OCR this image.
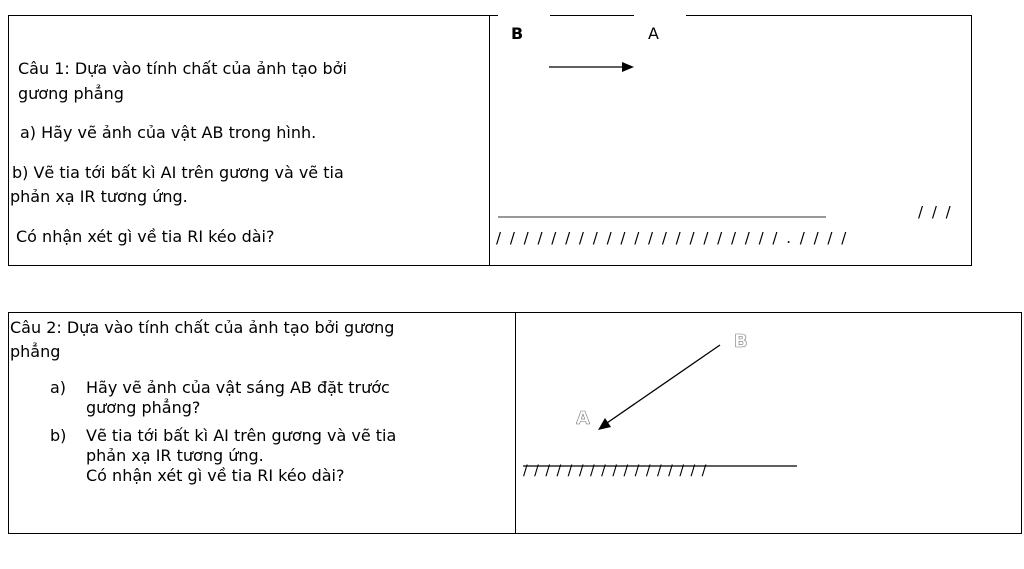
Câu 1: Dựa vào tính chất của ảnh tạo bởi
gương phẳng
a) Hãy vẽ ảnh của vật AB trong hình.
b) Vẽ tia tới bất kì AI trên gương và vẽ tia
phản xạ IR tương ứng.
Có nhận xét gì về tia RI kéo dài?
B	A
/ / / / / / / / / / / / / / / / / / / / / . / / / /
/ / /
Câu 2: Dựa vào tính chất của ảnh tạo bởi gương
phẳng
a) Hãy vẽ ảnh của vật sáng AB đặt trước
gương phẳng?
b) Vẽ tia tới bất kì AI trên gương và vẽ tia
phản xạ IR tương ứng.
Có nhận xét gì về tia RI kéo dài?
B
A
/ / / / / / / / / / / / / / / / /
